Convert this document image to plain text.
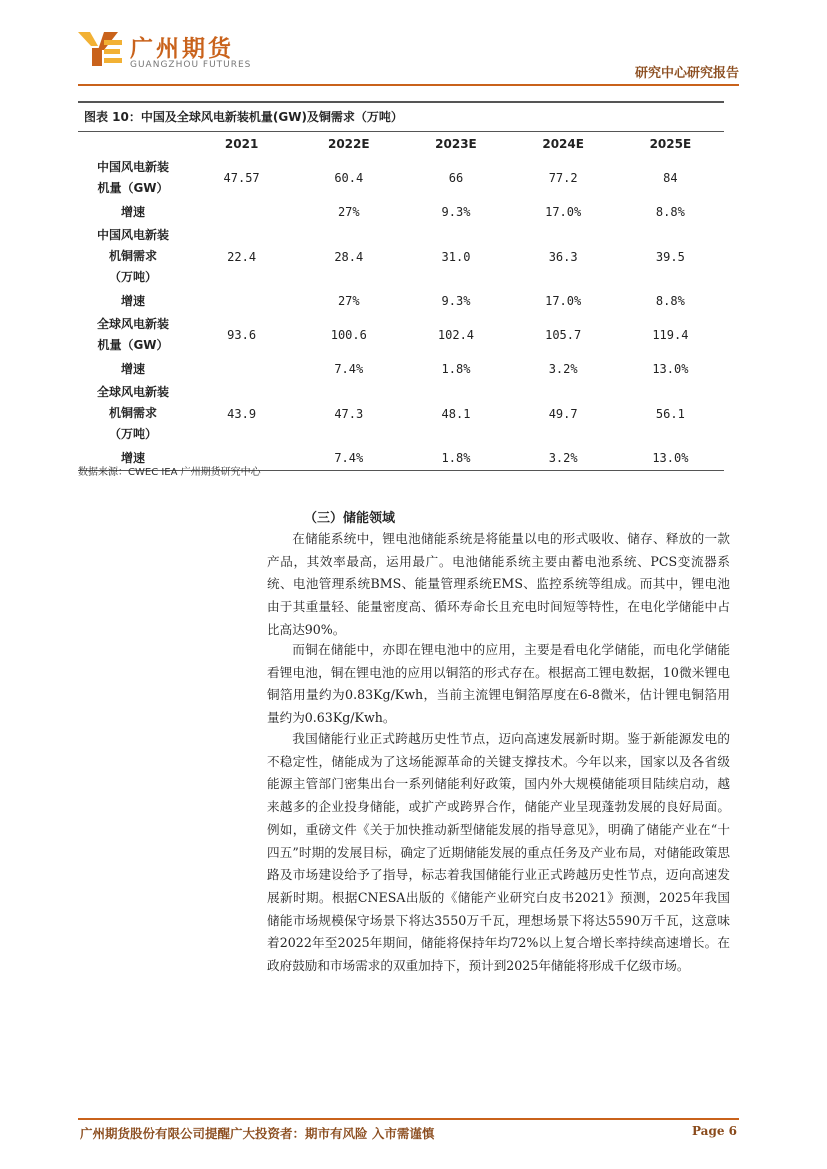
广州期货
GUANGZHOU FUTURES
研究中心研究报告
图表 10：中国及全球风电新装机量(GW)及铜需求（万吨）
	2021	2022E	2023E	2024E	2025E

中国风电新装
机量（GW）	47.57	60.4	66	77.2	84

增速		27%	9.3%	17.0%	8.8%

中国风电新装
机铜需求
（万吨）	22.4	28.4	31.0	36.3	39.5

增速		27%	9.3%	17.0%	8.8%

全球风电新装
机量（GW）	93.6	100.6	102.4	105.7	119.4

增速		7.4%	1.8%	3.2%	13.0%

全球风电新装
机铜需求
（万吨）	43.9	47.3	48.1	49.7	56.1

增速		7.4%	1.8%	3.2%	13.0%
数据来源：CWEC IEA 广州期货研究中心
（三）储能领域

在储能系统中，锂电池储能系统是将能量以电的形式吸收、储存、释放的一款产品，其效率最高，运用最广。电池储能系统主要由蓄电池系统、PCS变流器系统、电池管理系统BMS、能量管理系统EMS、监控系统等组成。而其中，锂电池由于其重量轻、能量密度高、循环寿命长且充电时间短等特性，在电化学储能中占比高达90%。

而铜在储能中，亦即在锂电池中的应用，主要是看电化学储能，而电化学储能看锂电池，铜在锂电池的应用以铜箔的形式存在。根据高工锂电数据，10微米锂电铜箔用量约为0.83Kg/Kwh，当前主流锂电铜箔厚度在6-8微米，估计锂电铜箔用量约为0.63Kg/Kwh。

我国储能行业正式跨越历史性节点，迈向高速发展新时期。鉴于新能源发电的不稳定性，储能成为了这场能源革命的关键支撑技术。今年以来，国家以及各省级能源主管部门密集出台一系列储能利好政策，国内外大规模储能项目陆续启动，越来越多的企业投身储能，或扩产或跨界合作，储能产业呈现蓬勃发展的良好局面。例如，重磅文件《关于加快推动新型储能发展的指导意见》，明确了储能产业在“十四五”时期的发展目标，确定了近期储能发展的重点任务及产业布局，对储能政策思路及市场建设给予了指导，标志着我国储能行业正式跨越历史性节点，迈向高速发展新时期。根据CNESA出版的《储能产业研究白皮书2021》预测，2025年我国储能市场规模保守场景下将达3550万千瓦，理想场景下将达5590万千瓦，这意味着2022年至2025年期间，储能将保持年均72%以上复合增长率持续高速增长。在政府鼓励和市场需求的双重加持下，预计到2025年储能将形成千亿级市场。

广州期货股份有限公司提醒广大投资者：期市有风险 入市需谨慎	Page 6
